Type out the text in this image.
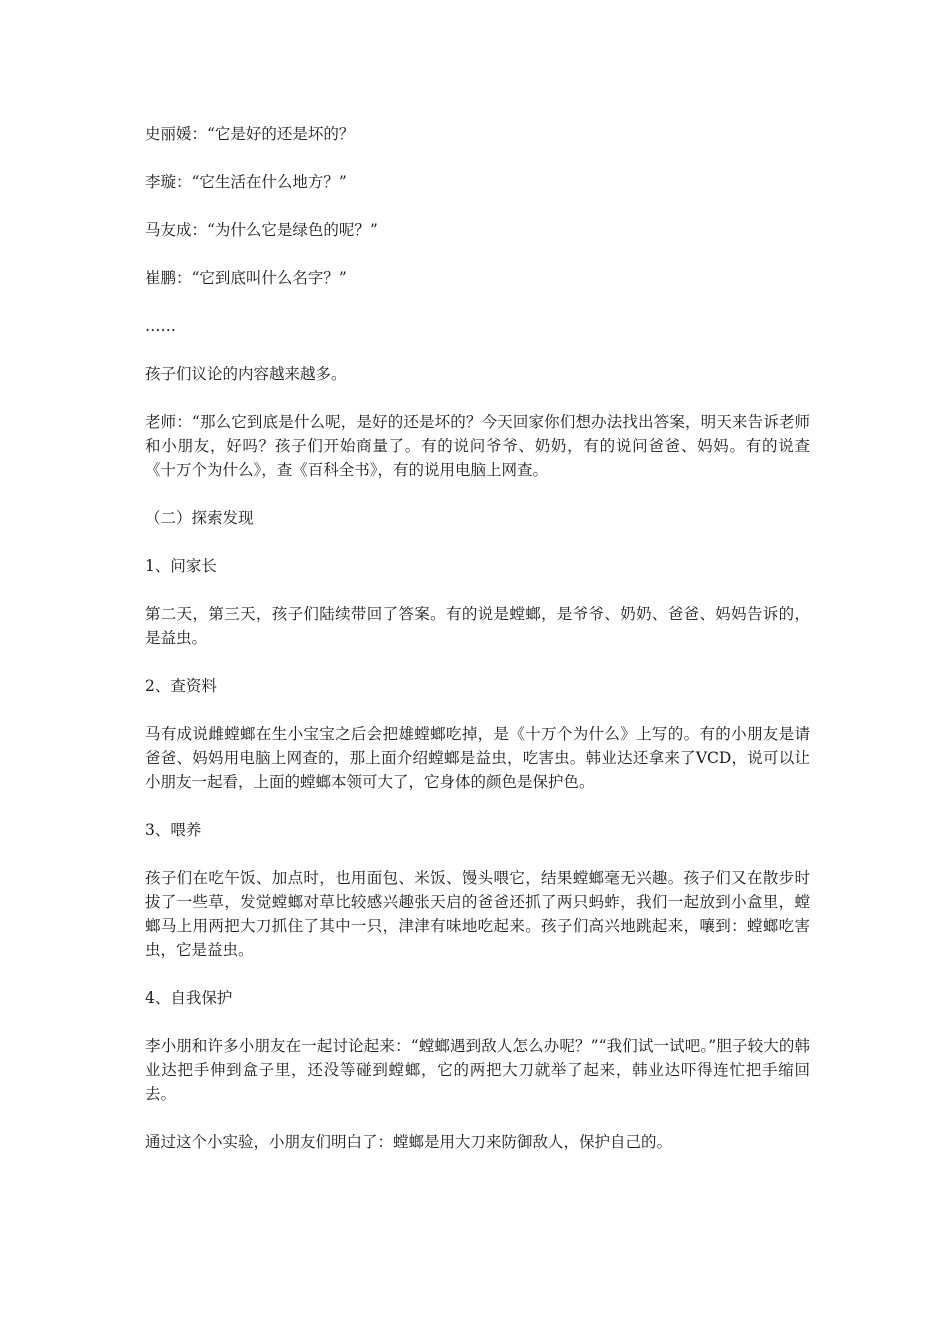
史丽媛：“它是好的还是坏的？

李璇：“它生活在什么地方？”

马友成：“为什么它是绿色的呢？”

崔鹏：“它到底叫什么名字？”

……

孩子们议论的内容越来越多。

老师：“那么它到底是什么呢，是好的还是坏的？今天回家你们想办法找出答案，明天来告诉老师和小朋友，好吗？孩子们开始商量了。有的说问爷爷、奶奶，有的说问爸爸、妈妈。有的说查《十万个为什么》，查《百科全书》，有的说用电脑上网查。

（二）探索发现

1、问家长

第二天，第三天，孩子们陆续带回了答案。有的说是螳螂，是爷爷、奶奶、爸爸、妈妈告诉的，是益虫。

2、查资料

马有成说雌螳螂在生小宝宝之后会把雄螳螂吃掉，是《十万个为什么》上写的。有的小朋友是请爸爸、妈妈用电脑上网查的，那上面介绍螳螂是益虫，吃害虫。韩业达还拿来了VCD，说可以让小朋友一起看，上面的螳螂本领可大了，它身体的颜色是保护色。

3、喂养

孩子们在吃午饭、加点时，也用面包、米饭、馒头喂它，结果螳螂毫无兴趣。孩子们又在散步时拔了一些草，发觉螳螂对草比较感兴趣张天启的爸爸还抓了两只蚂蚱，我们一起放到小盒里，螳螂马上用两把大刀抓住了其中一只，津津有味地吃起来。孩子们高兴地跳起来，嚷到：螳螂吃害虫，它是益虫。

4、自我保护

李小朋和许多小朋友在一起讨论起来：“螳螂遇到敌人怎么办呢？”“我们试一试吧。”胆子较大的韩业达把手伸到盒子里，还没等碰到螳螂，它的两把大刀就举了起来，韩业达吓得连忙把手缩回去。

通过这个小实验，小朋友们明白了：螳螂是用大刀来防御敌人，保护自己的。
